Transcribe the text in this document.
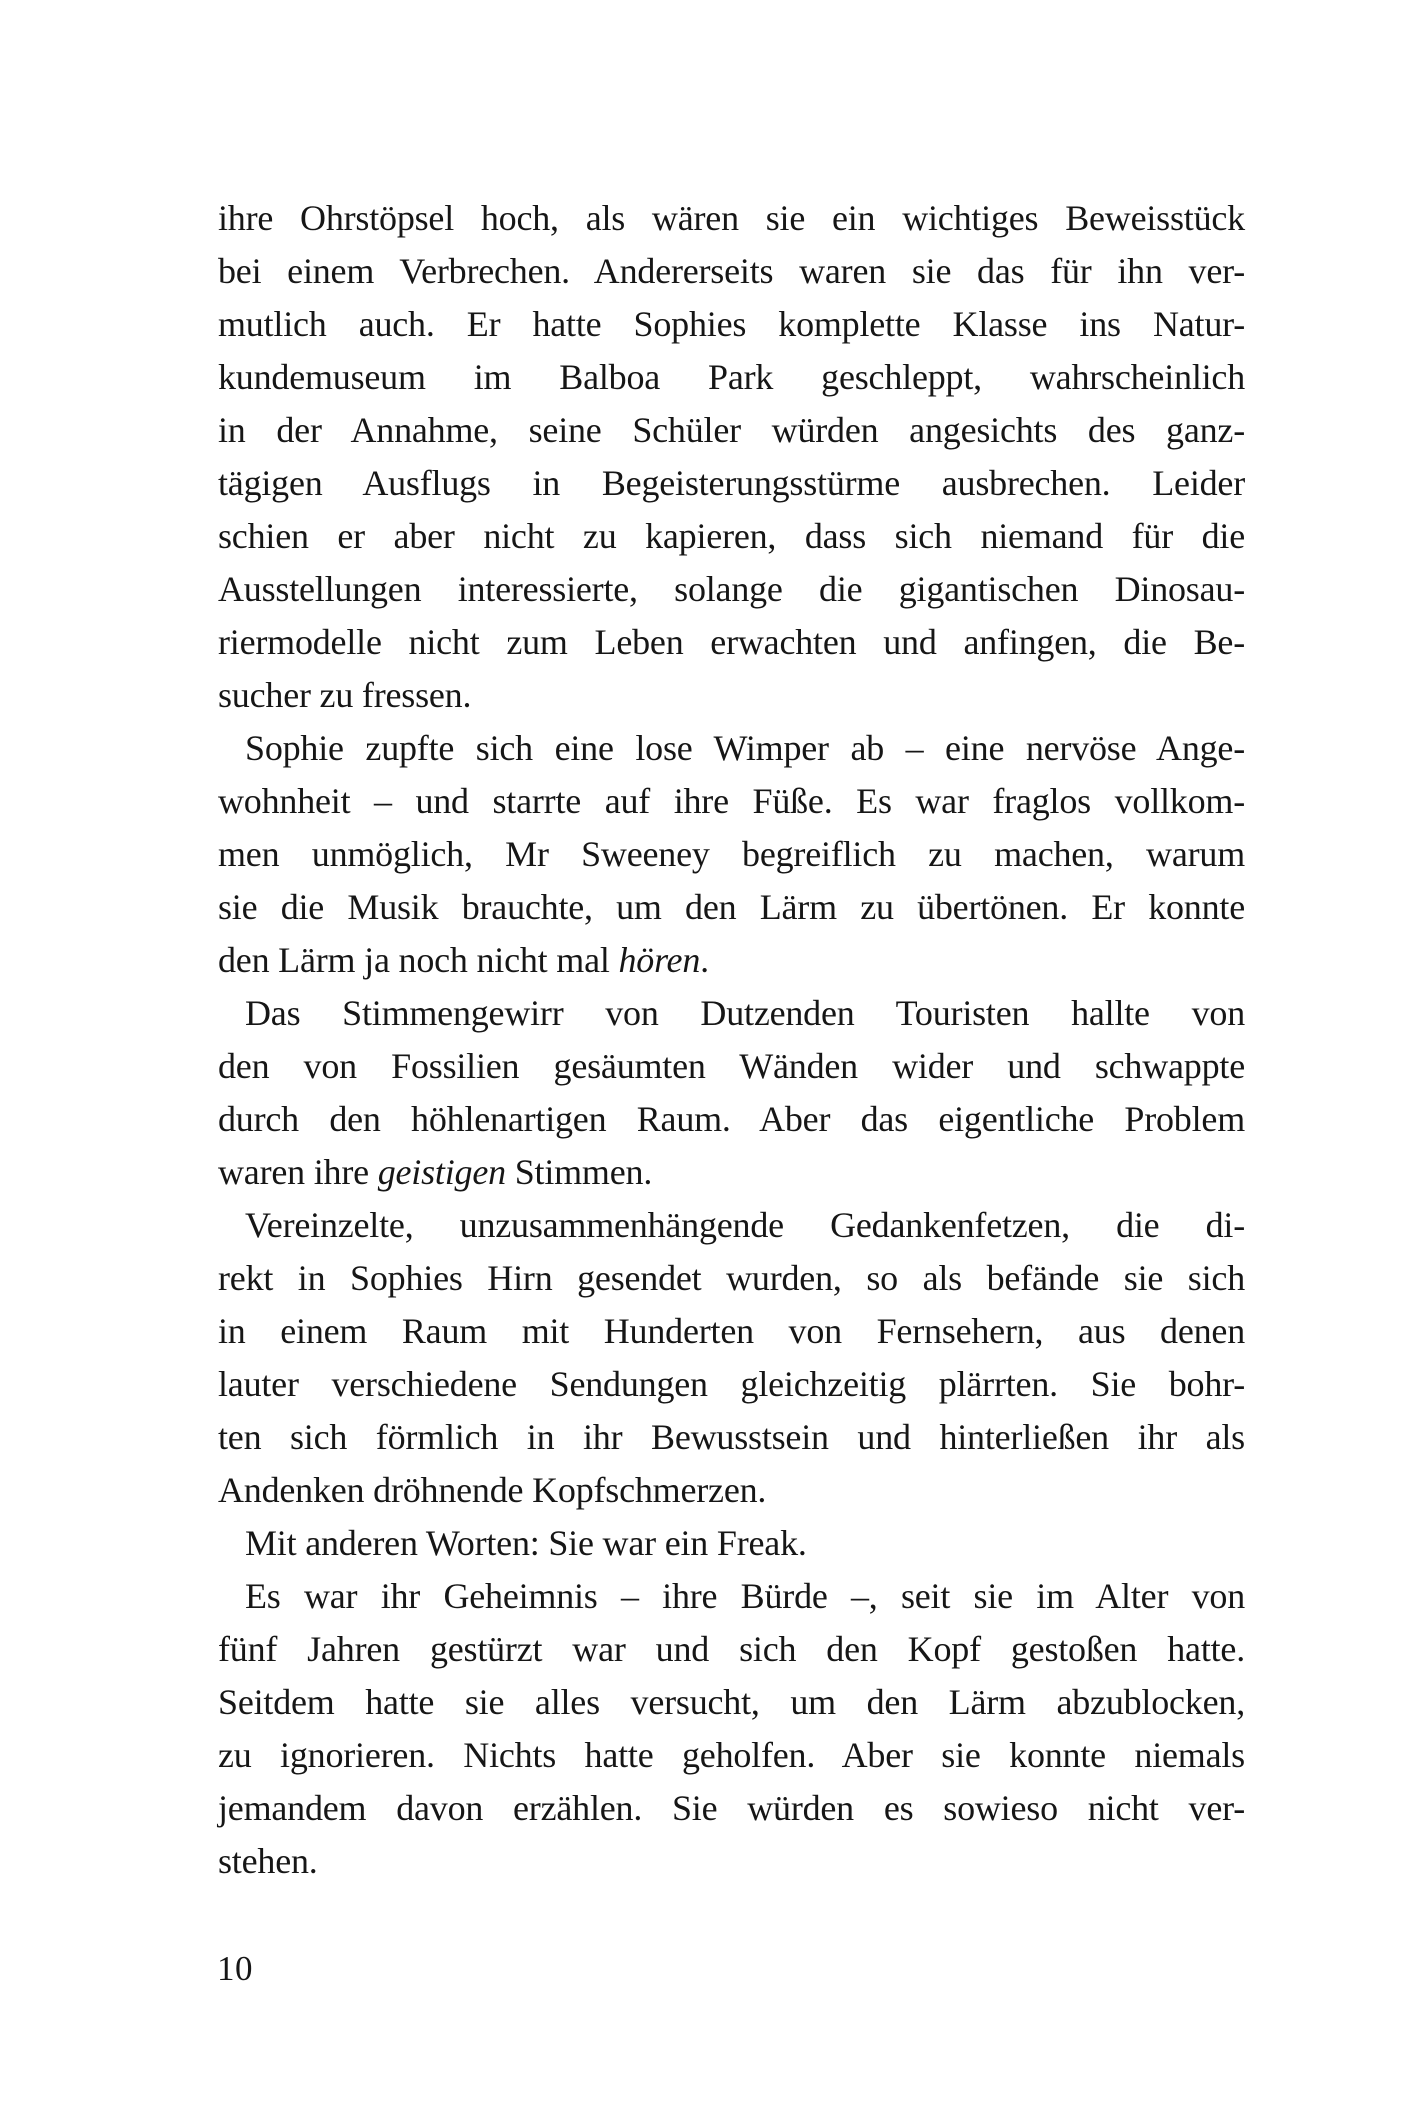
ihre Ohrstöpsel hoch, als wären sie ein wichtiges Beweisstück
bei einem Verbrechen. Andererseits waren sie das für ihn ver-
mutlich auch. Er hatte Sophies komplette Klasse ins Natur-
kundemuseum im Balboa Park geschleppt, wahrscheinlich
in der Annahme, seine Schüler würden angesichts des ganz-
tägigen Ausflugs in Begeisterungsstürme ausbrechen. Leider
schien er aber nicht zu kapieren, dass sich niemand für die
Ausstellungen interessierte, solange die gigantischen Dinosau-
riermodelle nicht zum Leben erwachten und anfingen, die Be-
sucher zu fressen.
Sophie zupfte sich eine lose Wimper ab – eine nervöse Ange-
wohnheit – und starrte auf ihre Füße. Es war fraglos vollkom-
men unmöglich, Mr Sweeney begreiflich zu machen, warum
sie die Musik brauchte, um den Lärm zu übertönen. Er konnte
den Lärm ja noch nicht mal hören.
Das Stimmengewirr von Dutzenden Touristen hallte von
den von Fossilien gesäumten Wänden wider und schwappte
durch den höhlenartigen Raum. Aber das eigentliche Problem
waren ihre geistigen Stimmen.
Vereinzelte, unzusammenhängende Gedankenfetzen, die di-
rekt in Sophies Hirn gesendet wurden, so als befände sie sich
in einem Raum mit Hunderten von Fernsehern, aus denen
lauter verschiedene Sendungen gleichzeitig plärrten. Sie bohr-
ten sich förmlich in ihr Bewusstsein und hinterließen ihr als
Andenken dröhnende Kopfschmerzen.
Mit anderen Worten: Sie war ein Freak.
Es war ihr Geheimnis – ihre Bürde –, seit sie im Alter von
fünf Jahren gestürzt war und sich den Kopf gestoßen hatte.
Seitdem hatte sie alles versucht, um den Lärm abzublocken,
zu ignorieren. Nichts hatte geholfen. Aber sie konnte niemals
jemandem davon erzählen. Sie würden es sowieso nicht ver-
stehen.
10
